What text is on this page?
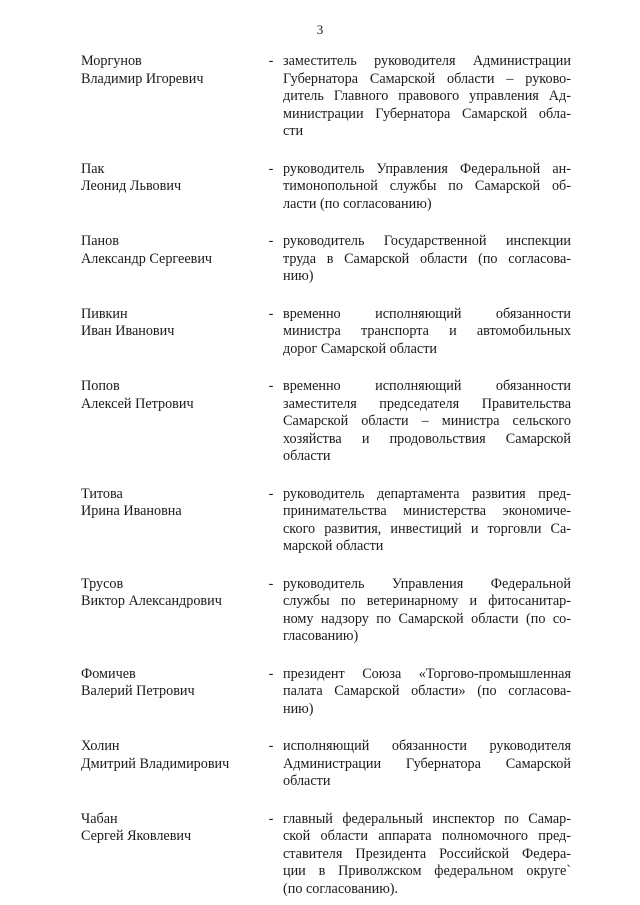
3
Моргунов
Владимир Игоревич
- заместитель руководителя Администрации
Губернатора Самарской области – руково-
дитель Главного правового управления Ад-
министрации Губернатора Самарской обла-
сти
Пак
Леонид Львович
- руководитель Управления Федеральной ан-
тимонопольной службы по Самарской об-
ласти (по согласованию)
Панов
Александр Сергеевич
- руководитель Государственной инспекции
труда в Самарской области (по согласова-
нию)
Пивкин
Иван Иванович
- временно исполняющий обязанности
министра транспорта и автомобильных
дорог Самарской области
Попов
Алексей Петрович
- временно исполняющий обязанности
заместителя председателя Правительства
Самарской области – министра сельского
хозяйства и продовольствия Самарской
области
Титова
Ирина Ивановна
- руководитель департамента развития пред-
принимательства министерства экономиче-
ского развития, инвестиций и торговли Са-
марской области
Трусов
Виктор Александрович
- руководитель Управления Федеральной
службы по ветеринарному и фитосанитар-
ному надзору по Самарской области (по со-
гласованию)
Фомичев
Валерий Петрович
- президент Союза «Торгово-промышленная
палата Самарской области» (по согласова-
нию)
Холин
Дмитрий Владимирович
- исполняющий обязанности руководителя
Администрации Губернатора Самарской
области
Чабан
Сергей Яковлевич
- главный федеральный инспектор по Самар-
ской области аппарата полномочного пред-
ставителя Президента Российской Федера-
ции в Приволжском федеральном округе`
(по согласованию).
